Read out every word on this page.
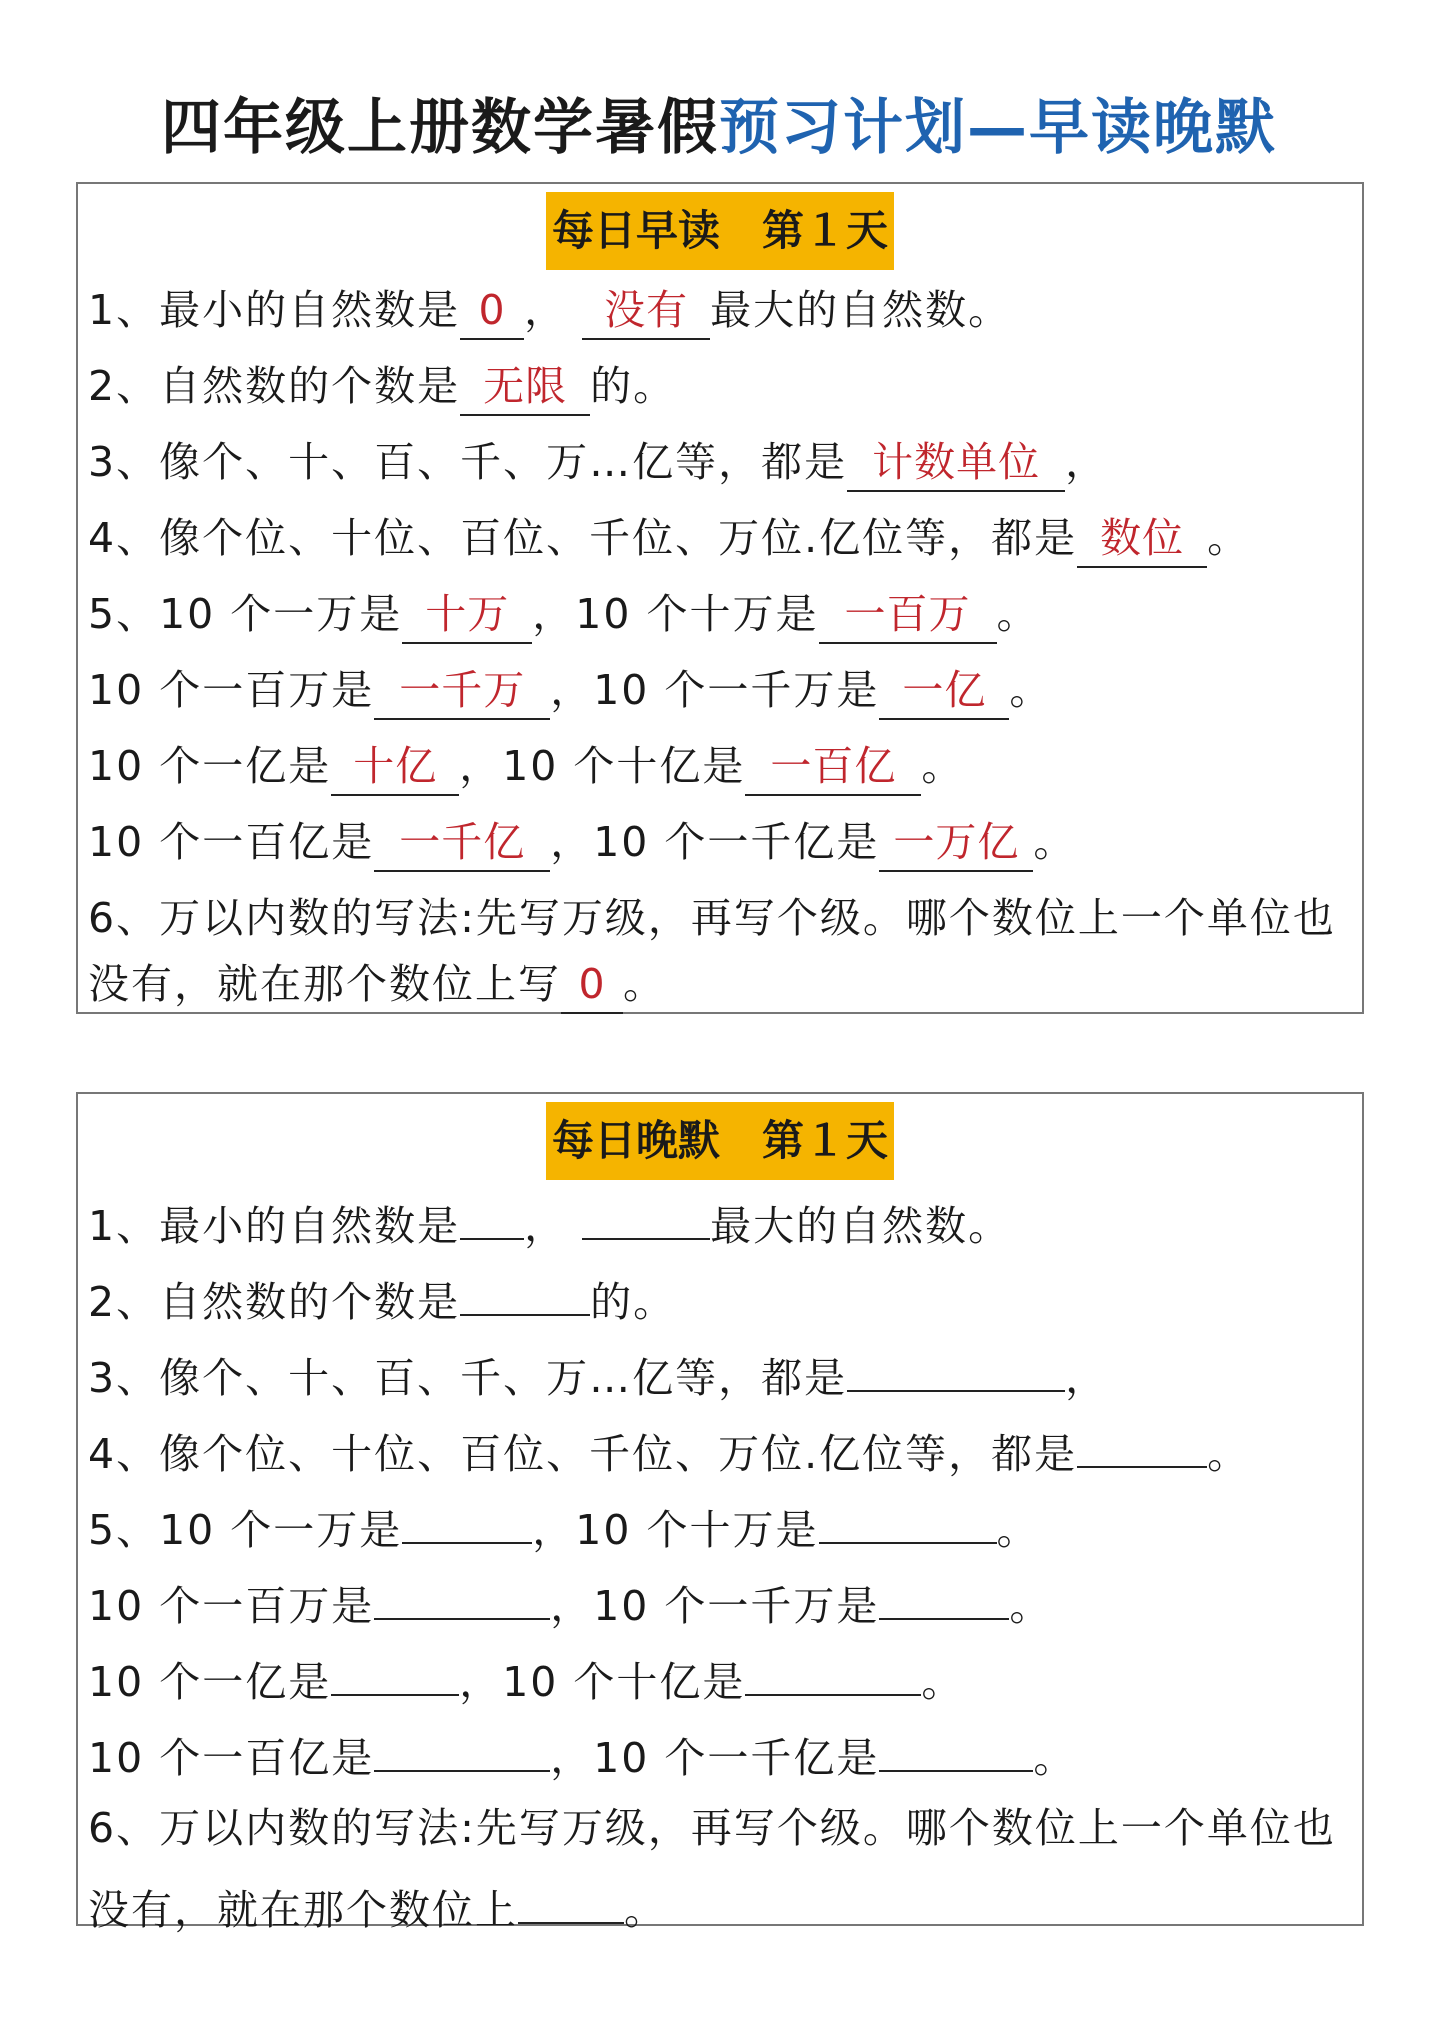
四年级上册数学暑假预习计划—早读晚默
每日早读　第１天
1、最小的自然数是 0 ， 没有 最大的自然数。
2、自然数的个数是 无限 的。
3、像个、十、百、千、万…亿等，都是 计数单位 ，
4、像个位、十位、百位、千位、万位.亿位等，都是 数位 。
5、10 个一万是 十万 ，10 个十万是 一百万 。
10 个一百万是 一千万 ，10 个一千万是 一亿 。
10 个一亿是 十亿 ，10 个十亿是 一百亿 。
10 个一百亿是 一千亿 ，10 个一千亿是 一万亿 。
6、万以内数的写法:先写万级，再写个级。哪个数位上一个单位也
没有，就在那个数位上写 0 。
每日晚默　第１天
1、最小的自然数是 ，	最大的自然数。
2、自然数的个数是	的。
3、像个、十、百、千、万…亿等，都是	，
4、像个位、十位、百位、千位、万位.亿位等，都是	。
5、10 个一万是	，10 个十万是	。
10 个一百万是	，10 个一千万是	。
10 个一亿是	，10 个十亿是	。
10 个一百亿是	，10 个一千亿是	。
6、万以内数的写法:先写万级，再写个级。哪个数位上一个单位也
没有，就在那个数位上	。
